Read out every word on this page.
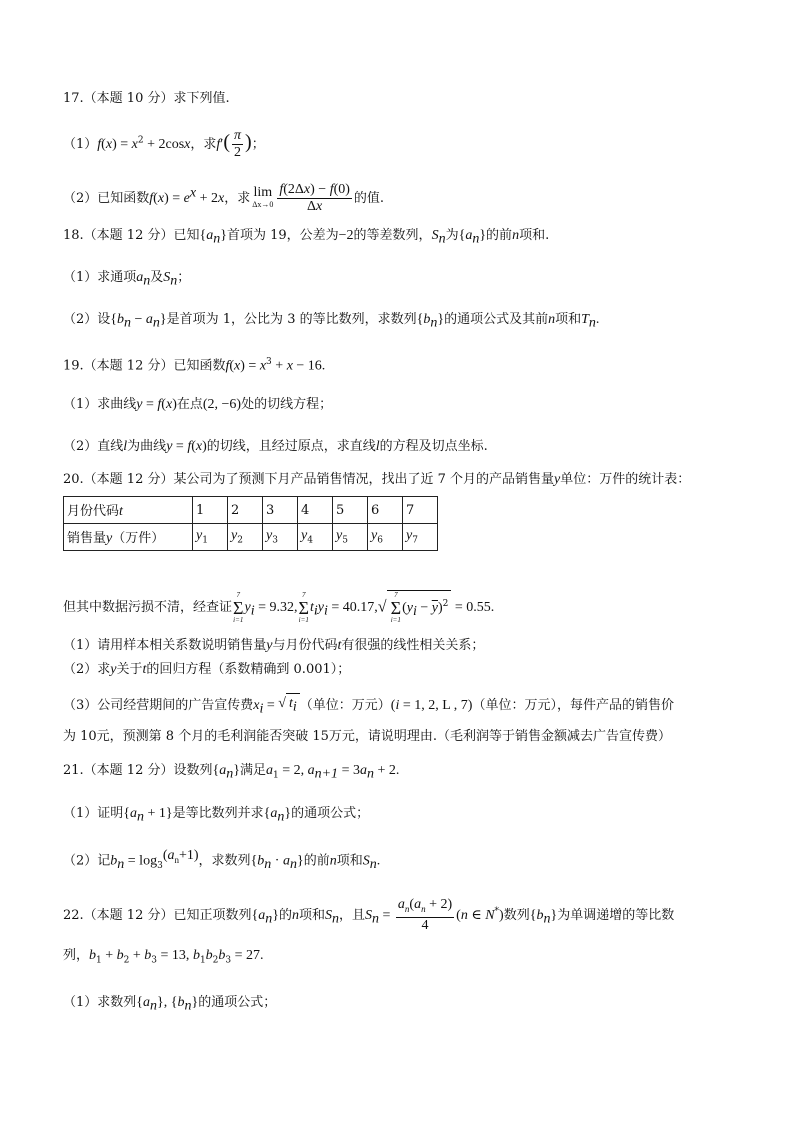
17.（本题 10 分）求下列值.
$(1)f(x) = x^2 + 2\cos x$，求$f'( \frac{\pi}{2}$ )；
（2）已知函数$f(x) = e^x + 2x$，求 lim
$\Delta x\to 0 \frac{f(2\Delta x) - f(0)}{\Delta x}$ 的值.
18.（本题 12 分）已知$\{a_n\}$首项为 19，公差为−2的等差数列，$S_n$为$\{a_n\}$的前n项和.
（1）求通项$a_n$及$S_n$；
（2）设$\{b_n - a_n\}$是首项为 1，公比为 3 的等比数列，求数列$\{b_n\}$的通项公式及其前n项和$T_n$.
19.（本题 12 分）已知函数$f(x) = x^3 + x - 16$.
（1）求曲线y = f(x)在点(2, −6)处的切线方程；
（2）直线l为曲线y = f(x)的切线，且经过原点，求直线l的方程及切点坐标.
20.（本题 12 分）某公司为了预测下月产品销售情况，找出了近 7 个月的产品销售量y单位：万件的统计表：
月份代码t	1	2	3	4	5	6	7
销售量y（万件）	$y_1$	$y_2$	$y_3$	$y_4$	$y_5$	$y_6$	$y_7$
但其中数据污损不清，经查证
7
Σ
i=1
$y_i = 9.32$,
7
Σ
i=1
$t_iy_i = 40.17,√$
7
Σ
i=1
$(y_i - \overline{y})^2 = 0.55$.
（1）请用样本相关系数说明销售量y与月份代码t有很强的线性相关关系；
（2）求y关于t的回归方程（系数精确到 0.001）；
（3）公司经营期间的广告宣传费$x_i$ = √ $t_i$ （单位：万元）(i = 1, 2, L , 7)（单位：万元），每件产品的销售价
为 10元，预测第 8 个月的毛利润能否突破 15万元，请说明理由.（毛利润等于销售金额减去广告宣传费）
21.（本题 12 分）设数列$\{a_n\}$满足$a_1 = 2$, $a_{n+1} = 3a_n + 2$.
（1）证明$\{a_n + 1\}$是等比数列并求$\{a_n\}$的通项公式；
（2）记$b_n = \log_3^{(a_n+1)}$，求数列$\{b_n \cdot a_n\}$的前n项和$S_n$.
22.（本题 12 分）已知正项数列$\{a_n\}$的n项和$S_n$，且$S_n = \frac{a_n(a_n + 2)}{4} (n$ ∈ N*)数列$\{b_n\}$为单调递增的等比数
列，$b_1 + b_2 + b_3 = 13$, $b_1b_2b_3 = 27$.
（1）求数列$\{a_n\}$, $\{b_n\}$的通项公式；
